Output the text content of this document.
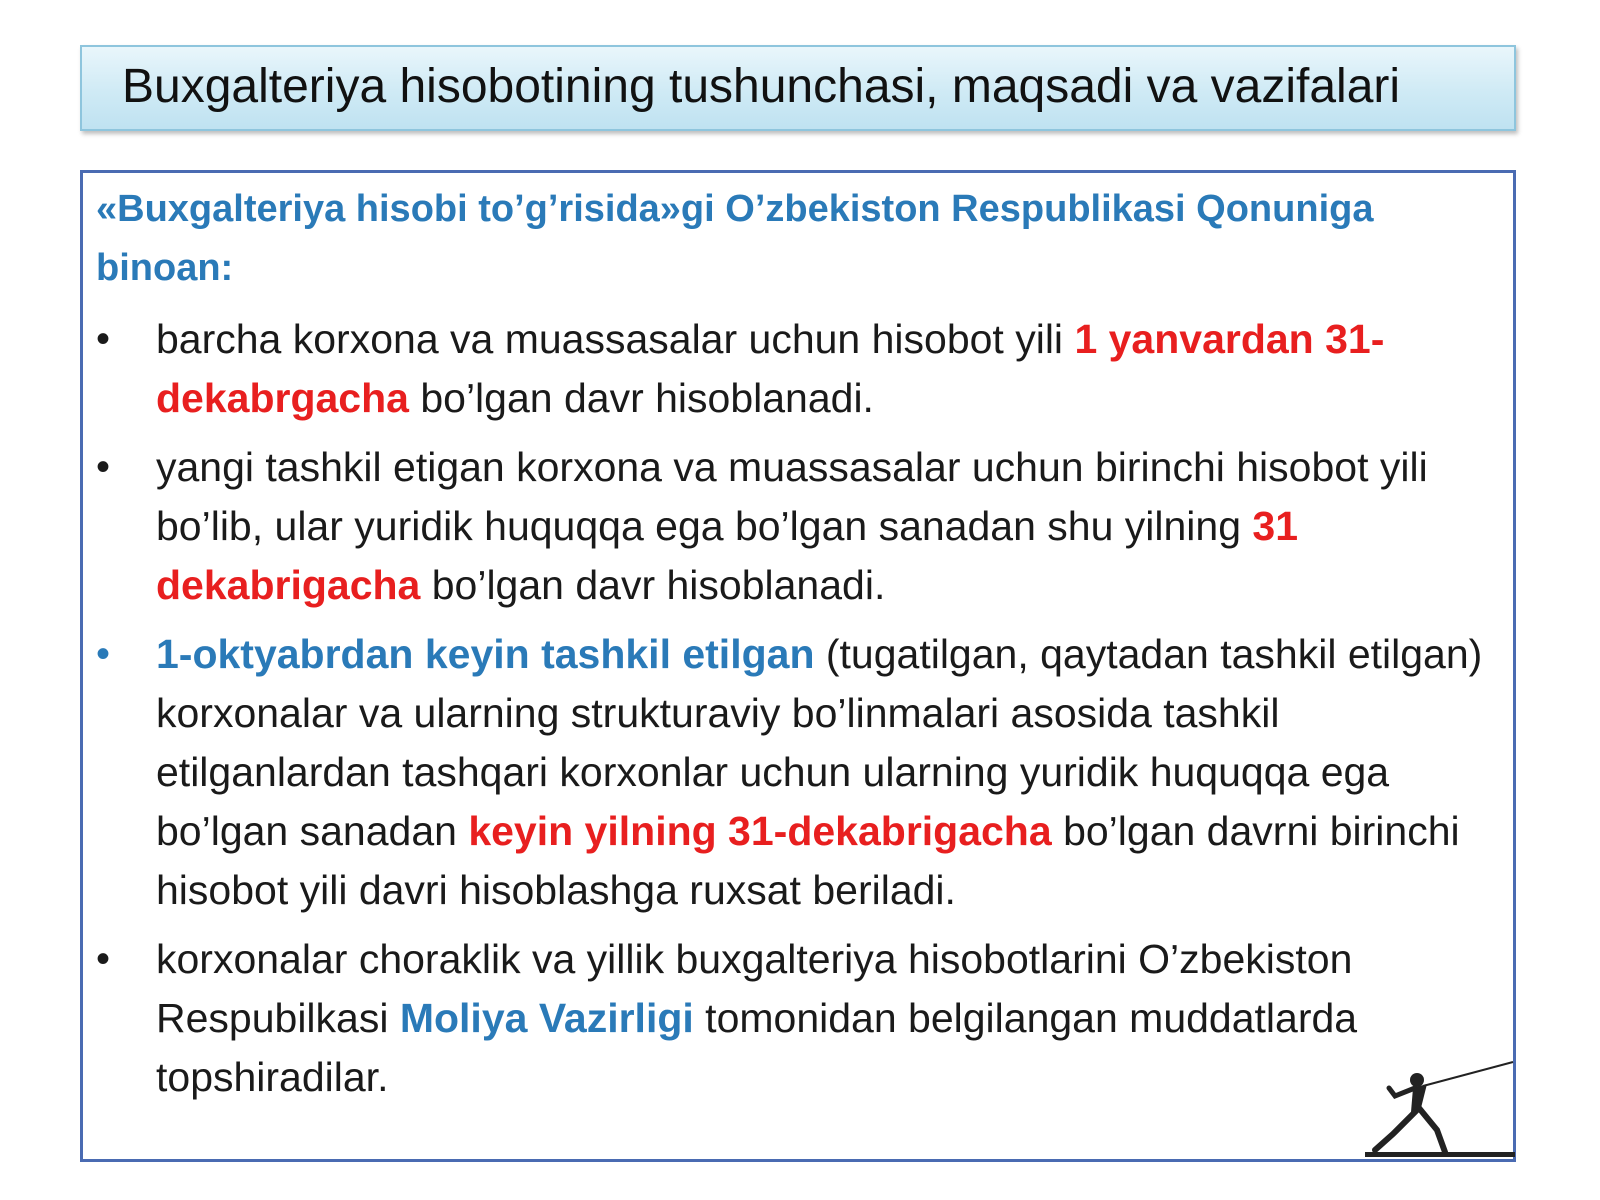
Buxgalteriya hisobotining tushunchasi, maqsadi va vazifalari
«Buxgalteriya hisobi to’g’risida»gi O’zbekiston Respublikasi Qonuniga binoan:
• barcha korxona va muassasalar uchun hisobot yili 1 yanvardan 31-dekabrgacha bo’lgan davr hisoblanadi.
• yangi tashkil etigan korxona va muassasalar uchun birinchi hisobot yili bo’lib, ular yuridik huquqqa ega bo’lgan sanadan shu yilning 31 dekabrigacha bo’lgan davr hisoblanadi.
• 1-oktyabrdan keyin tashkil etilgan (tugatilgan, qaytadan tashkil etilgan) korxonalar va ularning strukturaviy bo’linmalari asosida tashkil etilganlardan tashqari korxonlar uchun ularning yuridik huquqqa ega bo’lgan sanadan keyin yilning 31-dekabrigacha bo’lgan davrni birinchi hisobot yili davri hisoblashga ruxsat beriladi.
• korxonalar choraklik va yillik buxgalteriya hisobotlarini O’zbekiston Respubilkasi Moliya Vazirligi tomonidan belgilangan muddatlarda topshiradilar.
